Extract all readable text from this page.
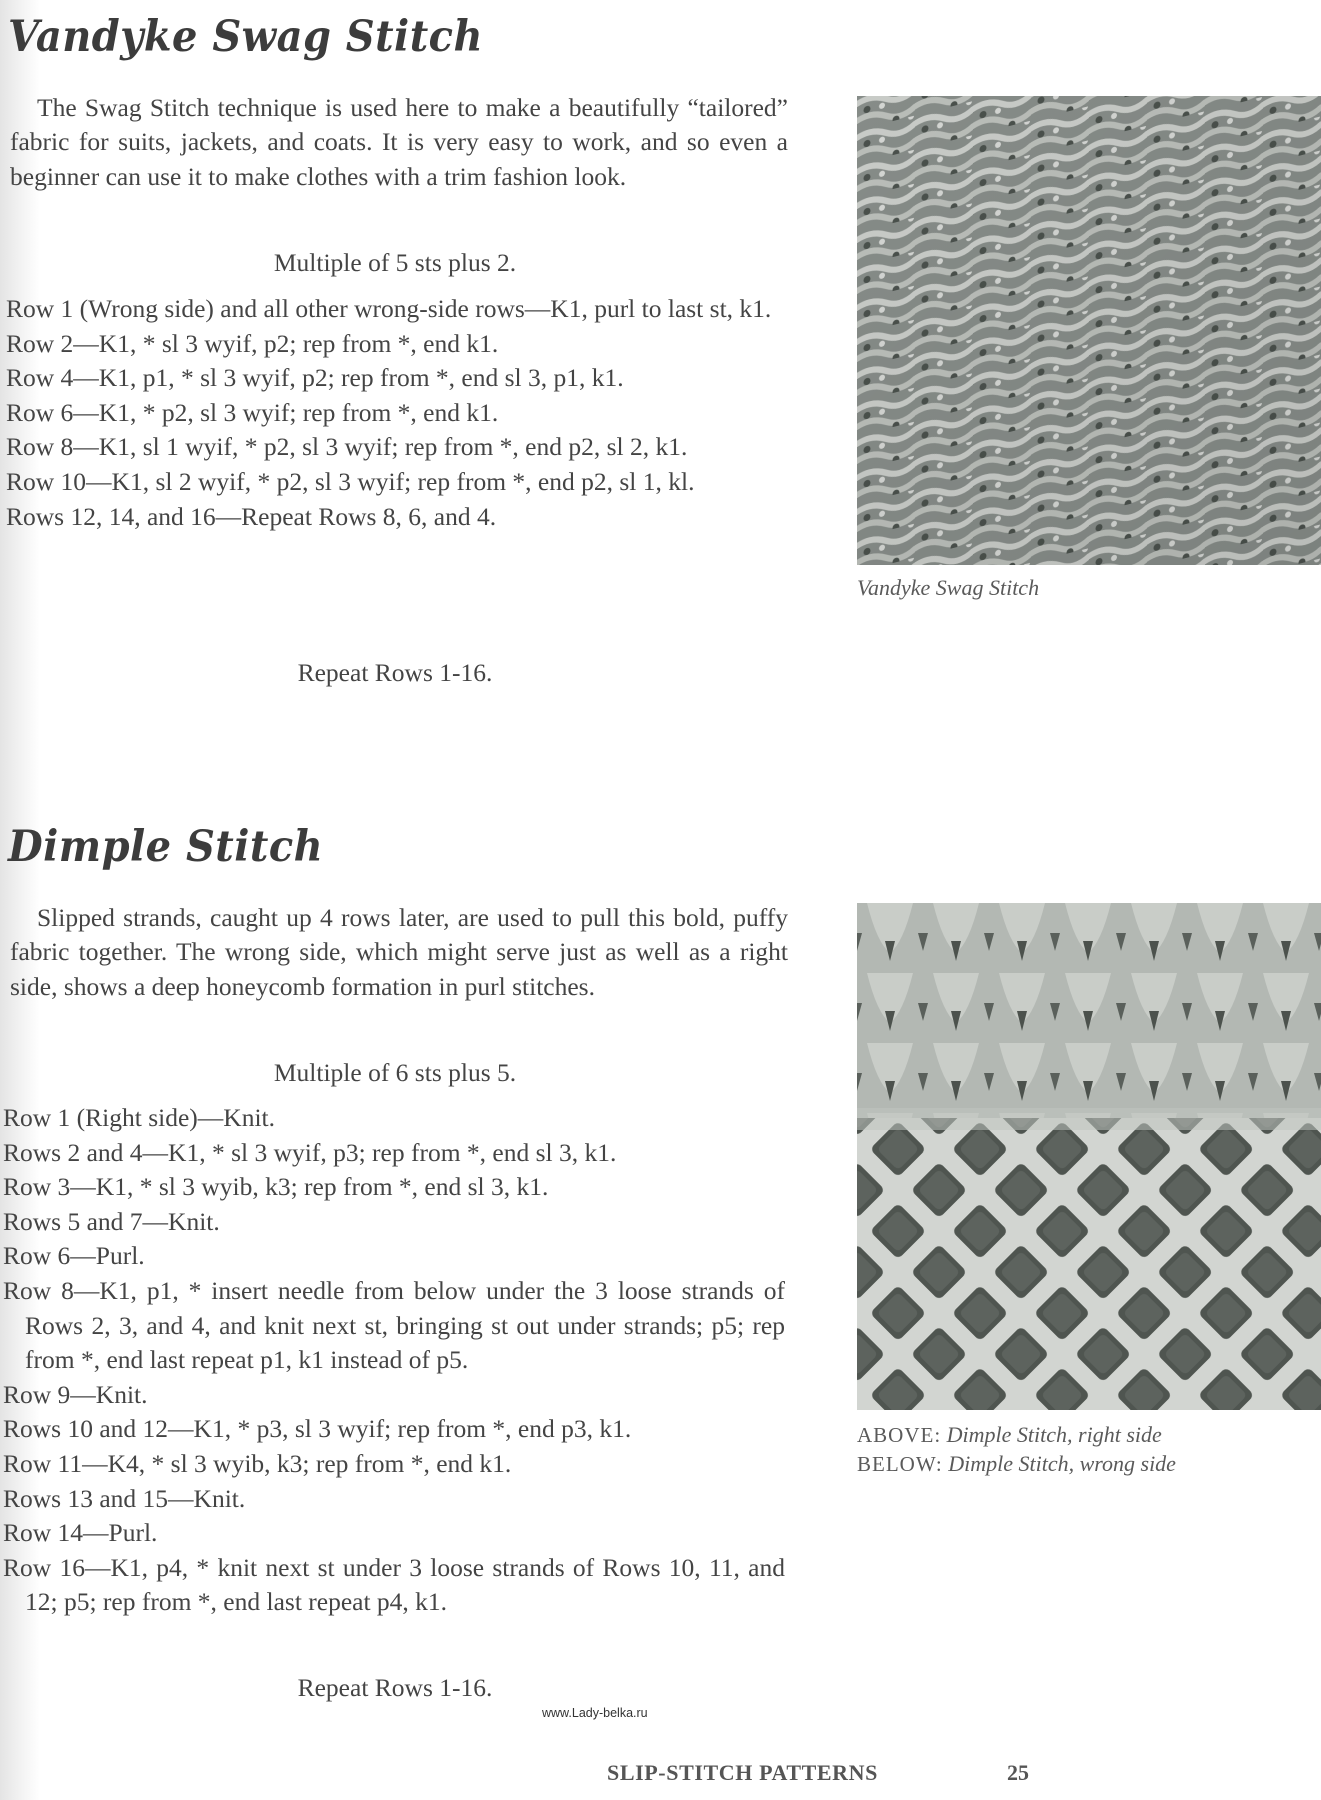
Vandyke Swag Stitch

The Swag Stitch technique is used here to make a beautifully “tailored” fabric for suits, jackets, and coats. It is very easy to work, and so even a beginner can use it to make clothes with a trim fashion look.

Multiple of 5 sts plus 2.
Row 1 (Wrong side) and all other wrong-side rows—K1, purl to last st, k1.
Row 2—K1, * sl 3 wyif, p2; rep from *, end k1.
Row 4—K1, p1, * sl 3 wyif, p2; rep from *, end sl 3, p1, k1.
Row 6—K1, * p2, sl 3 wyif; rep from *, end k1.
Row 8—K1, sl 1 wyif, * p2, sl 3 wyif; rep from *, end p2, sl 2, k1.
Row 10—K1, sl 2 wyif, * p2, sl 3 wyif; rep from *, end p2, sl 1, kl.
Rows 12, 14, and 16—Repeat Rows 8, 6, and 4.
Repeat Rows 1-16.
Vandyke Swag Stitch
Dimple Stitch

Slipped strands, caught up 4 rows later, are used to pull this bold, puffy fabric together. The wrong side, which might serve just as well as a right side, shows a deep honeycomb formation in purl stitches.

Multiple of 6 sts plus 5.
Row 1 (Right side)—Knit.
Rows 2 and 4—K1, * sl 3 wyif, p3; rep from *, end sl 3, k1.
Row 3—K1, * sl 3 wyib, k3; rep from *, end sl 3, k1.
Rows 5 and 7—Knit.
Row 6—Purl.
Row 8—K1, p1, * insert needle from below under the 3 loose strands of Rows 2, 3, and 4, and knit next st, bringing st out under strands; p5; rep from *, end last repeat p1, k1 instead of p5.
Row 9—Knit.
Rows 10 and 12—K1, * p3, sl 3 wyif; rep from *, end p3, k1.
Row 11—K4, * sl 3 wyib, k3; rep from *, end k1.
Rows 13 and 15—Knit.
Row 14—Purl.
Row 16—K1, p4, * knit next st under 3 loose strands of Rows 10, 11, and 12; p5; rep from *, end last repeat p4, k1.
Repeat Rows 1-16.
ABOVE: Dimple Stitch, right side
BELOW: Dimple Stitch, wrong side
www.Lady-belka.ru
SLIP-STITCH PATTERNS	25
